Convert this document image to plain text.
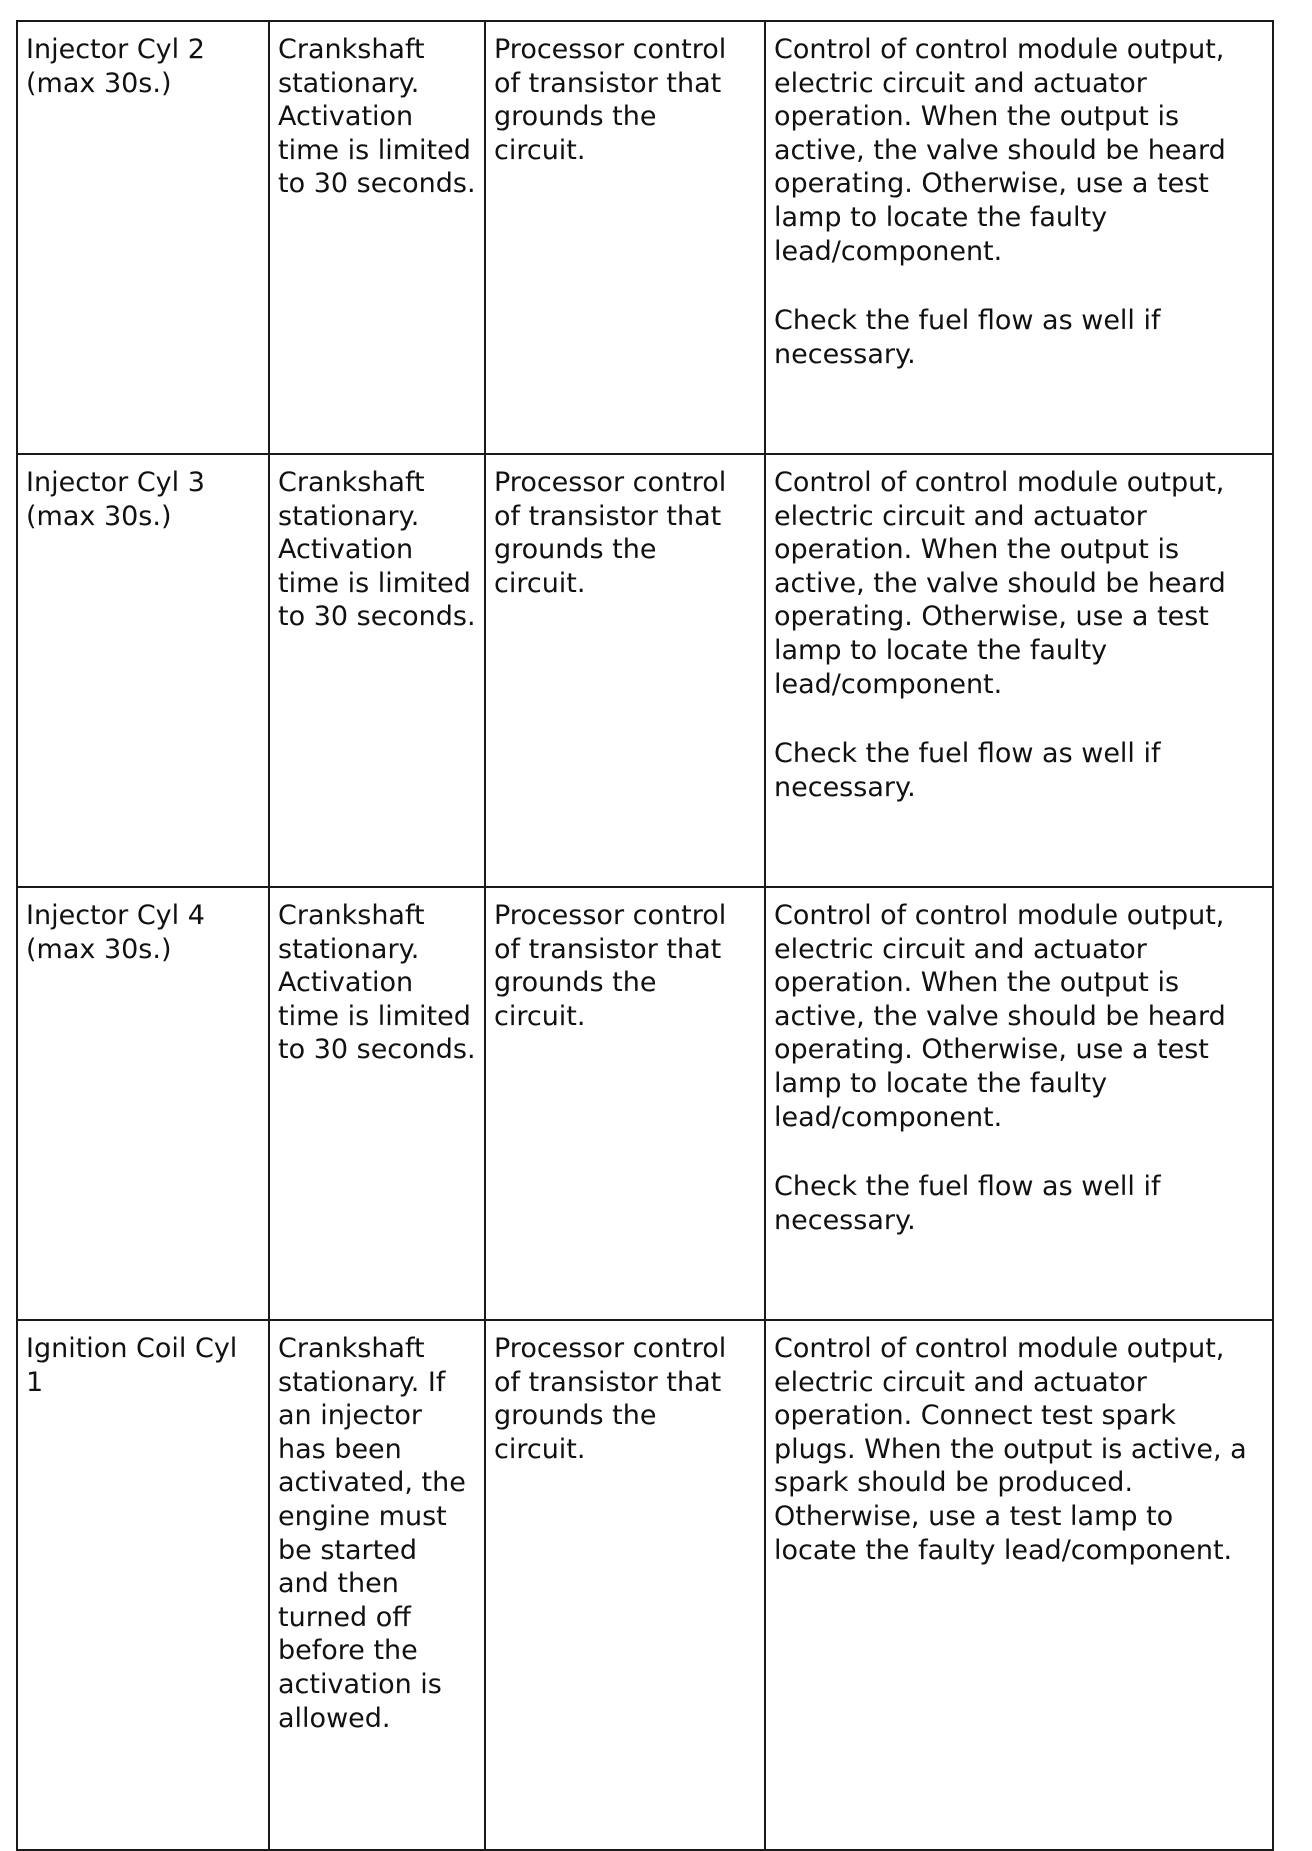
Injector Cyl 2 (max 30s.)	Crankshaft stationary. Activation time is limited to 30 seconds.	Processor control of transistor that grounds the circuit.	Control of control module output, electric circuit and actuator operation. When the output is active, the valve should be heard operating. Otherwise, use a test lamp to locate the faulty lead/component.

Check the fuel flow as well if necessary.

Injector Cyl 3 (max 30s.)	Crankshaft stationary. Activation time is limited to 30 seconds.	Processor control of transistor that grounds the circuit.	Control of control module output, electric circuit and actuator operation. When the output is active, the valve should be heard operating. Otherwise, use a test lamp to locate the faulty lead/component.

Check the fuel flow as well if necessary.

Injector Cyl 4 (max 30s.)	Crankshaft stationary. Activation time is limited to 30 seconds.	Processor control of transistor that grounds the circuit.	Control of control module output, electric circuit and actuator operation. When the output is active, the valve should be heard operating. Otherwise, use a test lamp to locate the faulty lead/component.

Check the fuel flow as well if necessary.

Ignition Coil Cyl 1	Crankshaft stationary. If an injector has been activated, the engine must be started and then turned off before the activation is allowed.	Processor control of transistor that grounds the circuit.	Control of control module output, electric circuit and actuator operation. Connect test spark plugs. When the output is active, a spark should be produced. Otherwise, use a test lamp to locate the faulty lead/component.
